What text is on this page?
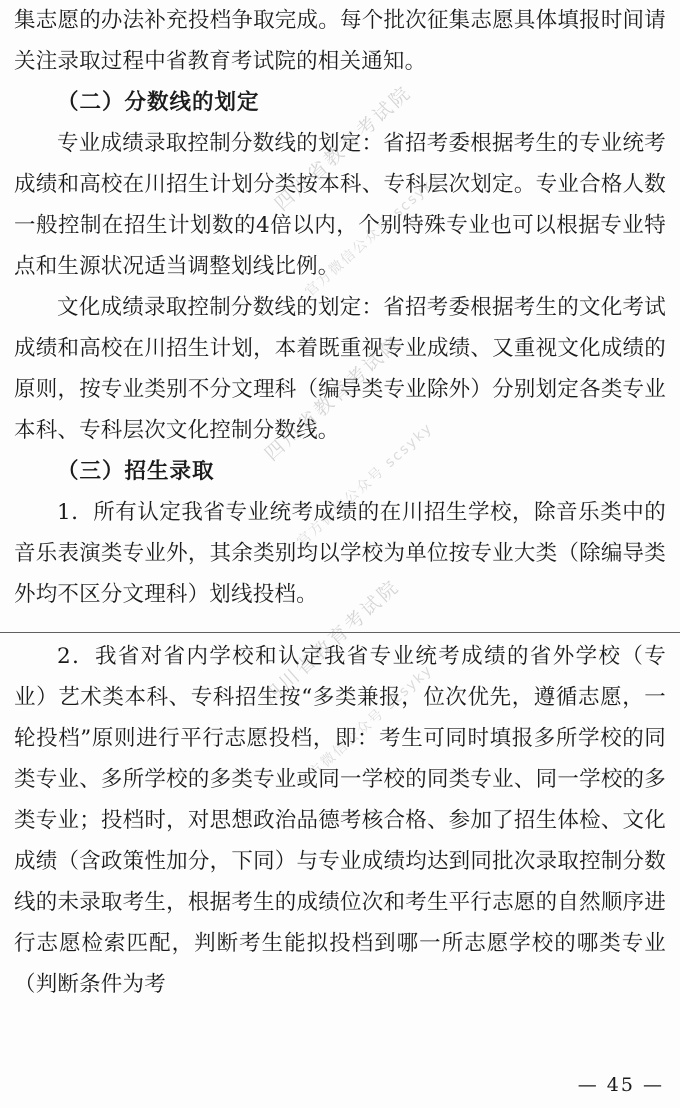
集志愿的办法补充投档争取完成。每个批次征集志愿具体填报时间请关注录取过程中省教育考试院的相关通知。

（二）分数线的划定

专业成绩录取控制分数线的划定：省招考委根据考生的专业统考成绩和高校在川招生计划分类按本科、专科层次划定。专业合格人数一般控制在招生计划数的4倍以内，个别特殊专业也可以根据专业特点和生源状况适当调整划线比例。

文化成绩录取控制分数线的划定：省招考委根据考生的文化考试成绩和高校在川招生计划，本着既重视专业成绩、又重视文化成绩的原则，按专业类别不分文理科（编导类专业除外）分别划定各类专业本科、专科层次文化控制分数线。

（三）招生录取

1．所有认定我省专业统考成绩的在川招生学校，除音乐类中的音乐表演类专业外，其余类别均以学校为单位按专业大类（除编导类外均不区分文理科）划线投档。

2．我省对省内学校和认定我省专业统考成绩的省外学校（专业）艺术类本科、专科招生按“多类兼报，位次优先，遵循志愿，一轮投档”原则进行平行志愿投档，即：考生可同时填报多所学校的同类专业、多所学校的多类专业或同一学校的同类专业、同一学校的多类专业；投档时，对思想政治品德考核合格、参加了招生体检、文化成绩（含政策性加分，下同）与专业成绩均达到同批次录取控制分数线的未录取考生，根据考生的成绩位次和考生平行志愿的自然顺序进行志愿检索匹配，判断考生能拟投档到哪一所志愿学校的哪类专业（判断条件为考

四川省教育考试院
官方微信公众号 scsyky
四川省教育考试院
官方微信公众号 scsyky
四川省教育考试院
官方微信公众号 scsyky
— 45 —
